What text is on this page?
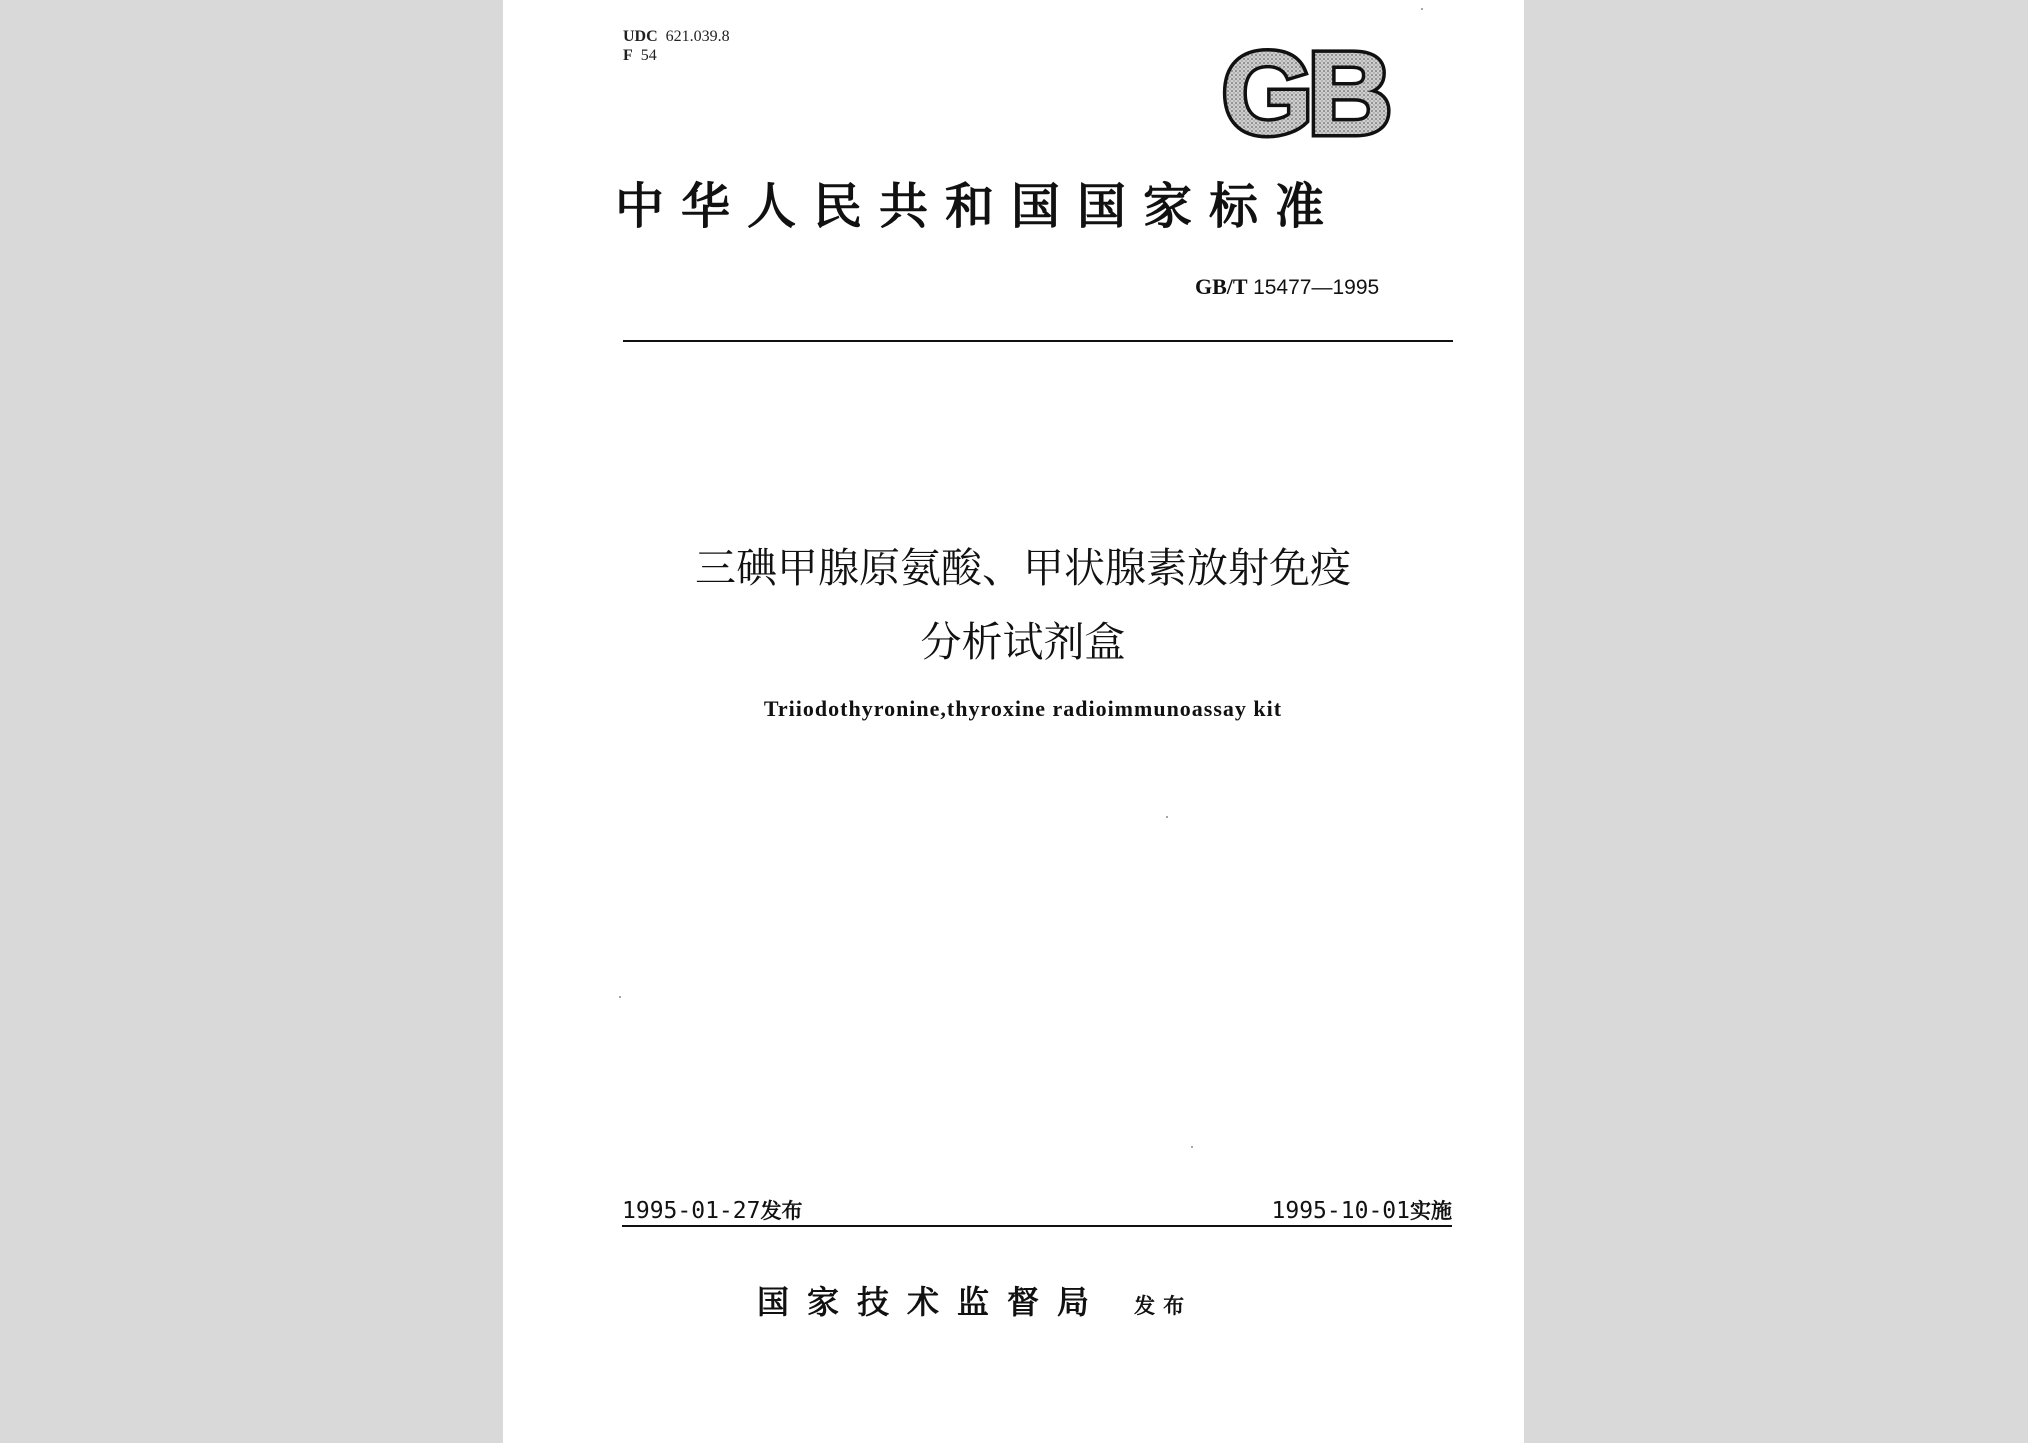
UDC 621.039.8
F 54	GB
中华人民共和国国家标准
GB/T 15477—1995
三碘甲腺原氨酸、甲状腺素放射免疫
分析试剂盒
Triiodothyronine,thyroxine radioimmunoassay kit
1995-01-27发布	1995-10-01实施
国家技术监督局 发布
